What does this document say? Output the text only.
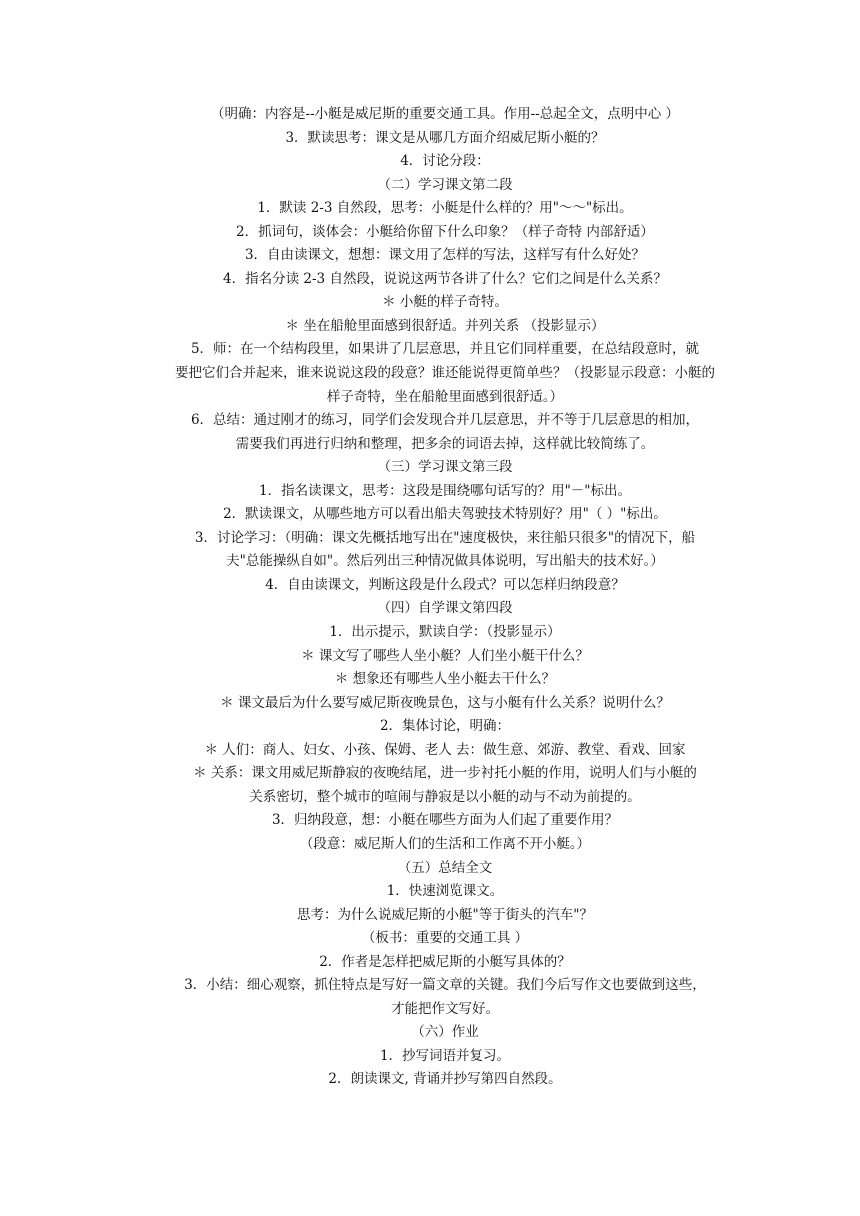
（明确：内容是--小艇是威尼斯的重要交通工具。作用--总起全文，点明中心 ）
3．默读思考：课文是从哪几方面介绍威尼斯小艇的？
4．讨论分段：
（二）学习课文第二段
1．默读 2-3 自然段，思考：小艇是什么样的？用"～～"标出。
2．抓词句，谈体会：小艇给你留下什么印象？（样子奇特 内部舒适）
3．自由读课文，想想：课文用了怎样的写法，这样写有什么好处？
4．指名分读 2-3 自然段，说说这两节各讲了什么？它们之间是什么关系？
＊ 小艇的样子奇特。
＊ 坐在船舱里面感到很舒适。并列关系 （投影显示）
5．师：在一个结构段里，如果讲了几层意思，并且它们同样重要，在总结段意时，就
要把它们合并起来，谁来说说这段的段意？谁还能说得更简单些？（投影显示段意：小艇的
样子奇特，坐在船舱里面感到很舒适。）
6．总结：通过刚才的练习，同学们会发现合并几层意思，并不等于几层意思的相加，
需要我们再进行归纳和整理，把多余的词语去掉，这样就比较简练了。
（三）学习课文第三段
1．指名读课文，思考：这段是围绕哪句话写的？用"－"标出。
2．默读课文，从哪些地方可以看出船夫驾驶技术特别好？用"（ ）"标出。
3．讨论学习：（明确：课文先概括地写出在"速度极快，来往船只很多"的情况下，船
夫"总能操纵自如"。然后列出三种情况做具体说明，写出船夫的技术好。）
4．自由读课文，判断这段是什么段式？可以怎样归纳段意？
（四）自学课文第四段
1．出示提示，默读自学：（投影显示）
＊ 课文写了哪些人坐小艇？人们坐小艇干什么？
＊ 想象还有哪些人坐小艇去干什么？
＊ 课文最后为什么要写威尼斯夜晚景色，这与小艇有什么关系？说明什么？
2．集体讨论，明确：
＊ 人们：商人、妇女、小孩、保姆、老人 去：做生意、郊游、教堂、看戏、回家
＊ 关系：课文用威尼斯静寂的夜晚结尾，进一步衬托小艇的作用，说明人们与小艇的
关系密切，整个城市的喧闹与静寂是以小艇的动与不动为前提的。
3．归纳段意，想：小艇在哪些方面为人们起了重要作用？
（段意：威尼斯人们的生活和工作离不开小艇。）
（五）总结全文
1．快速浏览课文。
思考：为什么说威尼斯的小艇"等于街头的汽车"？
（板书：重要的交通工具 ）
2．作者是怎样把威尼斯的小艇写具体的？
3．小结：细心观察，抓住特点是写好一篇文章的关键。我们今后写作文也要做到这些，
才能把作文写好。
（六）作业
1．抄写词语并复习。
2．朗读课文, 背诵并抄写第四自然段。
